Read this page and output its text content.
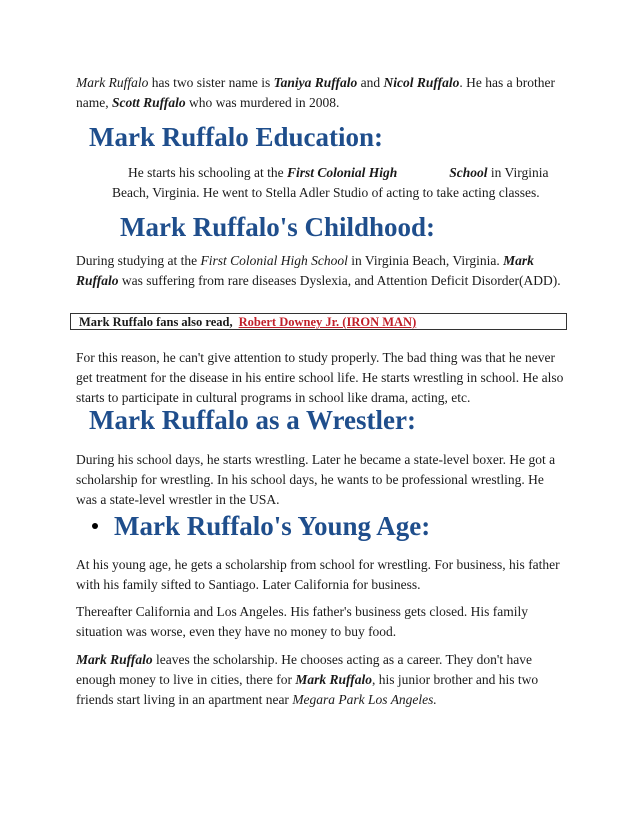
Mark Ruffalo has two sister name is Taniya Ruffalo and Nicol Ruffalo. He has a brother name, Scott Ruffalo who was murdered in 2008.

Mark Ruffalo Education:

He starts his schooling at the First Colonial High	School in Virginia Beach, Virginia. He went to Stella Adler Studio of acting to take acting classes.

Mark Ruffalo's Childhood:

During studying at the First Colonial High School in Virginia Beach, Virginia. Mark Ruffalo was suffering from rare diseases Dyslexia, and Attention Deficit Disorder(ADD).

Mark Ruffalo fans also read, Robert Downey Jr. (IRON MAN)

For this reason, he can't give attention to study properly. The bad thing was that he never get treatment for the disease in his entire school life. He starts wrestling in school. He also starts to participate in cultural programs in school like drama, acting, etc.

Mark Ruffalo as a Wrestler:

During his school days, he starts wrestling. Later he became a state-level boxer. He got a scholarship for wrestling. In his school days, he wants to be professional wrestling. He was a state-level wrestler in the USA.

Mark Ruffalo's Young Age:

At his young age, he gets a scholarship from school for wrestling. For business, his father with his family sifted to Santiago. Later California for business.

Thereafter California and Los Angeles. His father's business gets closed. His family situation was worse, even they have no money to buy food.

Mark Ruffalo leaves the scholarship. He chooses acting as a career. They don't have enough money to live in cities, there for Mark Ruffalo, his junior brother and his two friends start living in an apartment near Megara Park Los Angeles.
